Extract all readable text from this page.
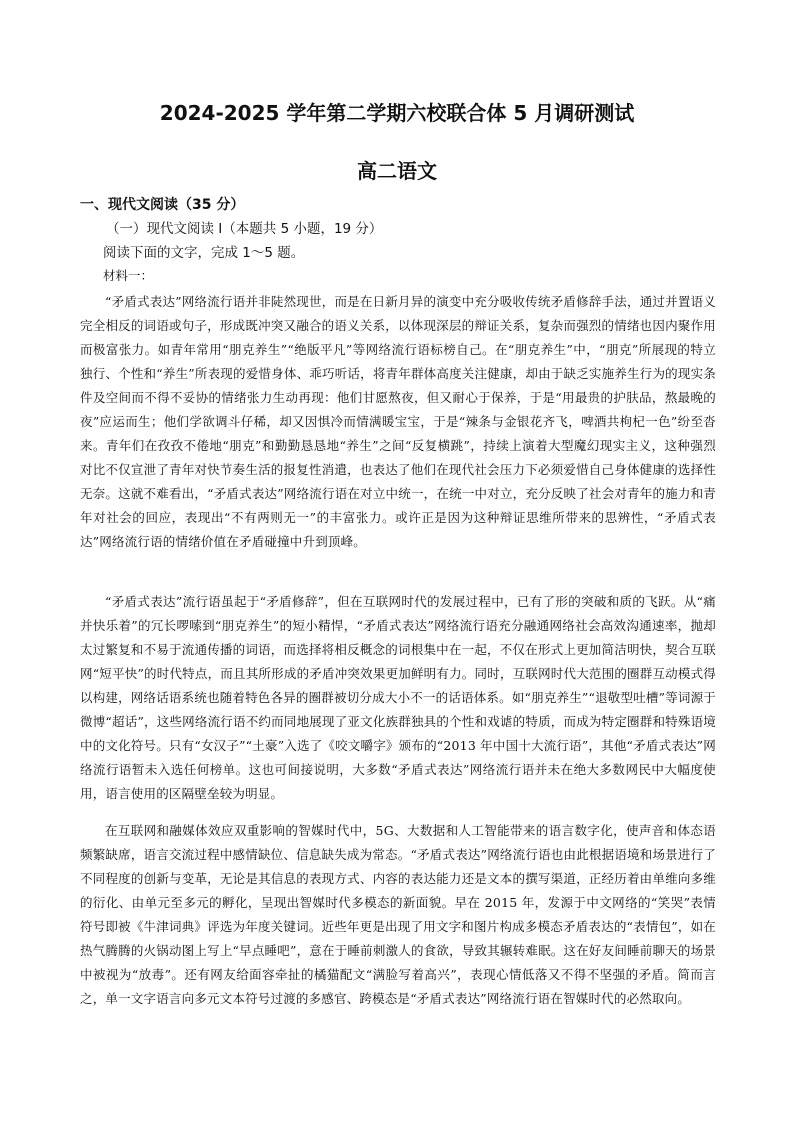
2024-2025 学年第二学期六校联合体 5 月调研测试
高二语文
一、现代文阅读（35 分）
（一）现代文阅读 I（本题共 5 小题，19 分）
阅读下面的文字，完成 1～5 题。
材料一：
“矛盾式表达”网络流行语并非陡然现世，而是在日新月异的演变中充分吸收传统矛盾修辞手法，通过并置语义完全相反的词语或句子，形成既冲突又融合的语义关系，以体现深层的辩证关系，复杂而强烈的情绪也因内聚作用而极富张力。如青年常用“朋克养生”“绝版平凡”等网络流行语标榜自己。在“朋克养生”中，“朋克”所展现的特立独行、个性和“养生”所表现的爱惜身体、乖巧听话，将青年群体高度关注健康，却由于缺乏实施养生行为的现实条件及空间而不得不妥协的情绪张力生动再现：他们甘愿熬夜，但又耐心于保养，于是“用最贵的护肤品，熬最晚的夜”应运而生；他们学欲调斗仔稀，却又因惧冷而情满暖宝宝，于是“辣条与金银花齐飞，啤酒共枸杞一色”纷至沓来。青年们在孜孜不倦地“朋克”和勤勤恳恳地“养生”之间“反复横跳”，持续上演着大型魔幻现实主义，这种强烈对比不仅宣泄了青年对快节奏生活的报复性消遣，也表达了他们在现代社会压力下必须爱惜自己身体健康的选择性无奈。这就不难看出，“矛盾式表达”网络流行语在对立中统一，在统一中对立，充分反映了社会对青年的施力和青年对社会的回应，表现出“不有两则无一”的丰富张力。或许正是因为这种辩证思维所带来的思辨性，“矛盾式表达”网络流行语的情绪价值在矛盾碰撞中升到顶峰。
“矛盾式表达”流行语虽起于“矛盾修辞”，但在互联网时代的发展过程中，已有了形的突破和质的飞跃。从“痛并快乐着”的冗长啰嗦到“朋克养生”的短小精悍，“矛盾式表达”网络流行语充分融通网络社会高效沟通速率，抛却太过繁复和不易于流通传播的词语，而选择将相反概念的词根集中在一起，不仅在形式上更加简洁明快，契合互联网“短平快”的时代特点，而且其所形成的矛盾冲突效果更加鲜明有力。同时，互联网时代大范围的圈群互动模式得以构建，网络话语系统也随着特色各异的圈群被切分成大小不一的话语体系。如“朋克养生”“退敬型吐槽”等词源于微博“超话”，这些网络流行语不约而同地展现了亚文化族群独具的个性和戏谑的特质，而成为特定圈群和特殊语境中的文化符号。只有“女汉子”“土豪”入选了《咬文嚼字》颁布的“2013 年中国十大流行语”，其他“矛盾式表达”网络流行语暂未入选任何榜单。这也可间接说明，大多数“矛盾式表达”网络流行语并未在绝大多数网民中大幅度使用，语言使用的区隔壁垒较为明显。
在互联网和融媒体效应双重影响的智媒时代中，5G、大数据和人工智能带来的语言数字化，使声音和体态语频繁缺席，语言交流过程中感情缺位、信息缺失成为常态。“矛盾式表达”网络流行语也由此根据语境和场景进行了不同程度的创新与变革，无论是其信息的表现方式、内容的表达能力还是文本的撰写渠道，正经历着由单维向多维的衍化、由单元至多元的孵化，呈现出智媒时代多模态的新面貌。早在 2015 年，发源于中文网络的“笑哭”表情符号即被《牛津词典》评选为年度关键词。近些年更是出现了用文字和图片构成多模态矛盾表达的“表情包”，如在热气腾腾的火锅动图上写上“早点睡吧”，意在于睡前刺激人的食欲，导致其辗转难眠。这在好友间睡前聊天的场景中被视为“放毒”。还有网友给面容牵扯的橘猫配文“满脸写着高兴”，表现心情低落又不得不坚强的矛盾。简而言之，单一文字语言向多元文本符号过渡的多感官、跨模态是“矛盾式表达”网络流行语在智媒时代的必然取向。
